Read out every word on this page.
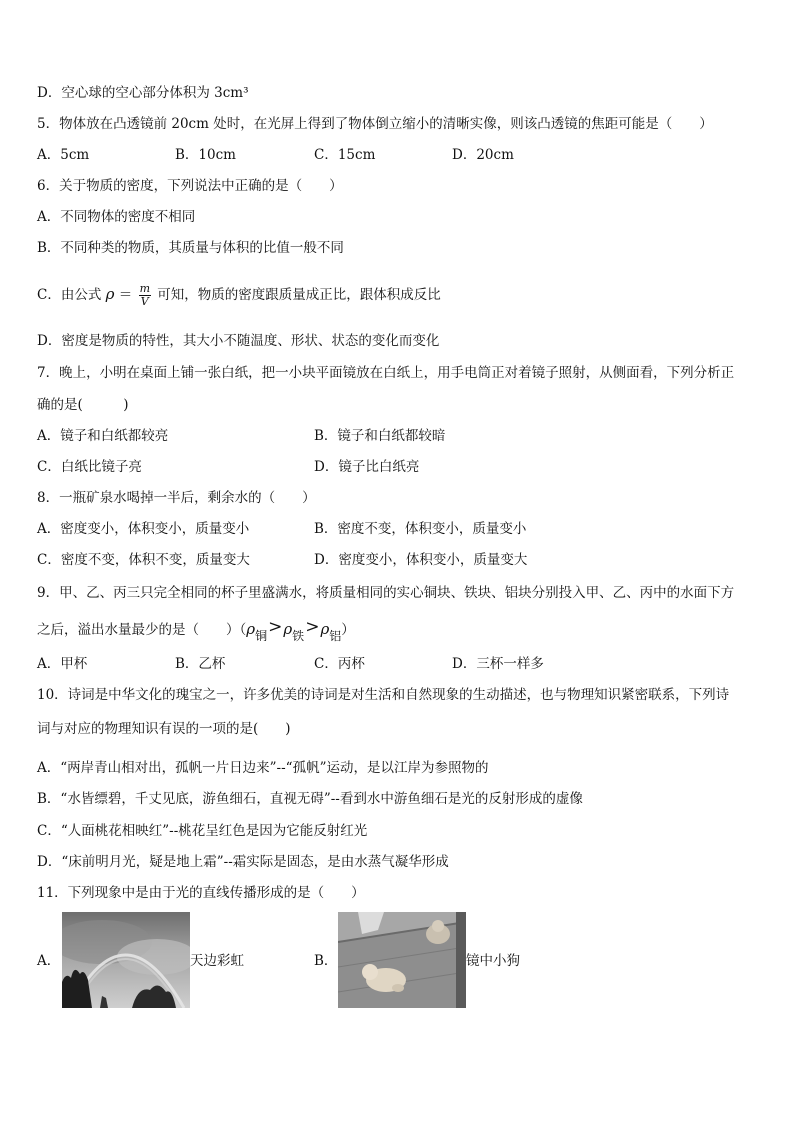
D．空心球的空心部分体积为 3cm³
5．物体放在凸透镜前 20cm 处时，在光屏上得到了物体倒立缩小的清晰实像，则该凸透镜的焦距可能是（　　）
A．5cm	B．10cm	C．15cm	D．20cm
6．关于物质的密度，下列说法中正确的是（　　）
A．不同物体的密度不相同
B．不同种类的物质，其质量与体积的比值一般不同
C．由公式 $\rho = \frac{m}{V}$ 可知，物质的密度跟质量成正比，跟体积成反比
D．密度是物质的特性，其大小不随温度、形状、状态的变化而变化
7．晚上，小明在桌面上铺一张白纸，把一小块平面镜放在白纸上，用手电筒正对着镜子照射，从侧面看，下列分析正
确的是(　　　)
A．镜子和白纸都较亮	B．镜子和白纸都较暗
C．白纸比镜子亮	D．镜子比白纸亮
8．一瓶矿泉水喝掉一半后，剩余水的（　　）
A．密度变小，体积变小，质量变小	B．密度不变，体积变小，质量变小
C．密度不变，体积不变，质量变大	D．密度变小，体积变小，质量变大
9．甲、乙、丙三只完全相同的杯子里盛满水，将质量相同的实心铜块、铁块、铝块分别投入甲、乙、丙中的水面下方
之后，溢出水量最少的是（　　）（ρ铜>ρ铁>ρ铝）
A．甲杯	B．乙杯	C．丙杯	D．三杯一样多
10．诗词是中华文化的瑰宝之一，许多优美的诗词是对生活和自然现象的生动描述，也与物理知识紧密联系，下列诗
词与对应的物理知识有误的一项的是(　　)
A．“两岸青山相对出，孤帆一片日边来”--“孤帆”运动，是以江岸为参照物的
B．“水皆缥碧，千丈见底，游鱼细石，直视无碍”--看到水中游鱼细石是光的反射形成的虚像
C．“人面桃花相映红”--桃花呈红色是因为它能反射红光
D．“床前明月光，疑是地上霜”--霜实际是固态，是由水蒸气凝华形成
11．下列现象中是由于光的直线传播形成的是（　　）
A．	天边彩虹	B．	镜中小狗
